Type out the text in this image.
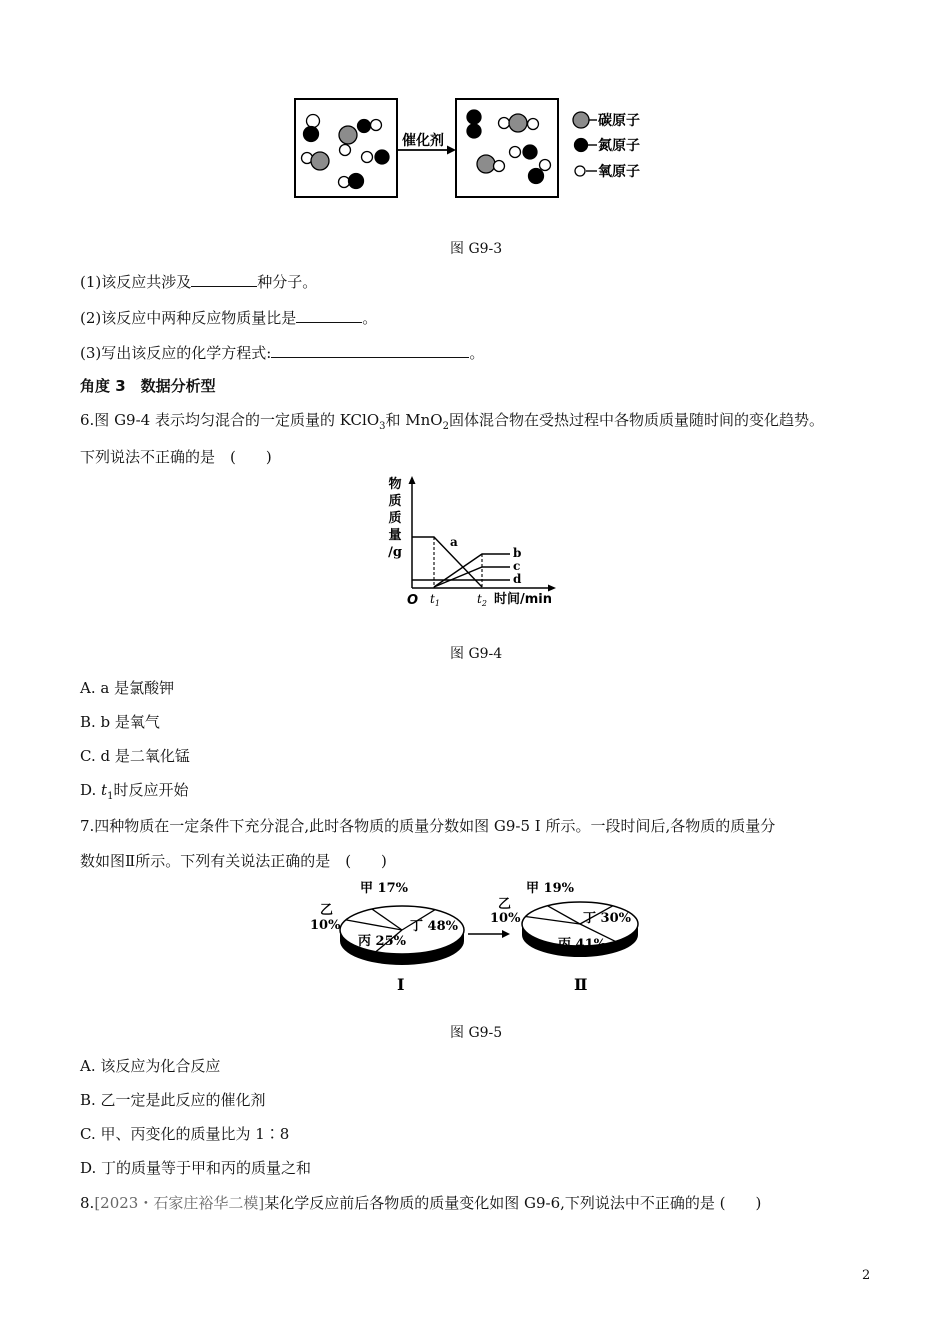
催化剂
碳原子
氮原子
氧原子
图 G9-3
(1)该反应共涉及	种分子。
(2)该反应中两种反应物质量比是	。
(3)写出该反应的化学方程式:	。
角度 3　数据分析型
6.图 G9-4 表示均匀混合的一定质量的 KClO$_3$和 MnO$_2$固体混合物在受热过程中各物质质量随时间的变化趋势。
下列说法不正确的是　(　　)
物
质
质
量
/g
a
b
c
d
O $t_1$	$t_2$ 时间/min
图 G9-4
A. a 是氯酸钾
B. b 是氧气
C. d 是二氧化锰
D. $t_1$时反应开始
7.四种物质在一定条件下充分混合,此时各物质的质量分数如图 G9-5 Ⅰ 所示。一段时间后,各物质的质量分
数如图Ⅱ所示。下列有关说法正确的是　(　　)
甲 17%
乙
10%
丙 25%
丁 48%
Ⅰ
甲 19%
乙
10%
丙 41%
丁 30%
Ⅱ
图 G9-5
A. 该反应为化合反应
B. 乙一定是此反应的催化剂
C. 甲、丙变化的质量比为 1∶8
D. 丁的质量等于甲和丙的质量之和
8.[2023・石家庄裕华二模]某化学反应前后各物质的质量变化如图 G9-6,下列说法中不正确的是 (　　)
2
